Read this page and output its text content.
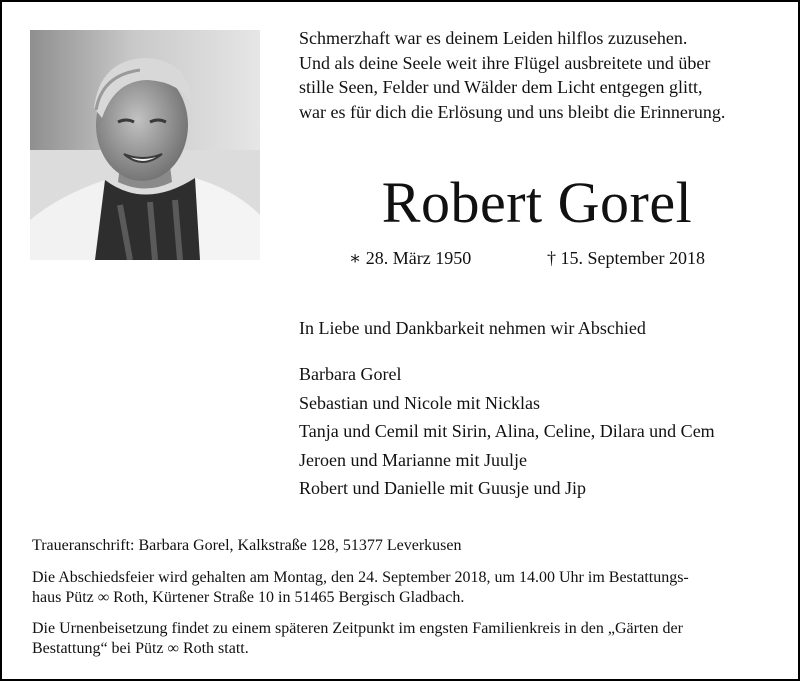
Schmerzhaft war es deinem Leiden hilflos zuzusehen.
Und als deine Seele weit ihre Flügel ausbreitete und über
stille Seen, Felder und Wälder dem Licht entgegen glitt,
war es für dich die Erlösung und uns bleibt die Erinnerung.
Robert Gorel
∗ 28. März 1950	† 15. September 2018
In Liebe und Dankbarkeit nehmen wir Abschied
Barbara Gorel
Sebastian und Nicole mit Nicklas
Tanja und Cemil mit Sirin, Alina, Celine, Dilara und Cem
Jeroen und Marianne mit Juulje
Robert und Danielle mit Guusje und Jip
Traueranschrift: Barbara Gorel, Kalkstraße 128, 51377 Leverkusen
Die Abschiedsfeier wird gehalten am Montag, den 24. September 2018, um 14.00 Uhr im Bestattungs-
haus Pütz ∞ Roth, Kürtener Straße 10 in 51465 Bergisch Gladbach.
Die Urnenbeisetzung findet zu einem späteren Zeitpunkt im engsten Familienkreis in den „Gärten der
Bestattung“ bei Pütz ∞ Roth statt.
